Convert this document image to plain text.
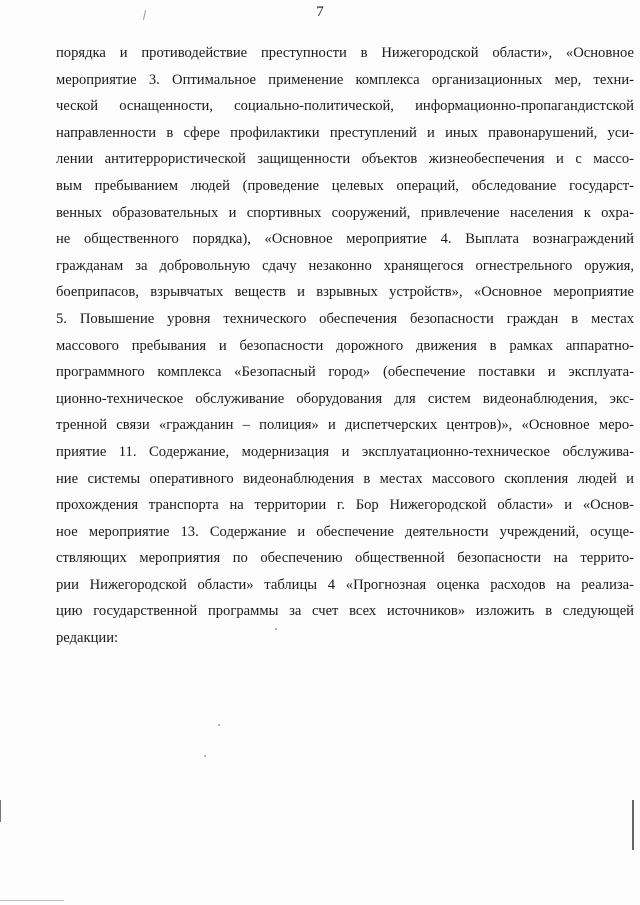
7
порядка и противодействие преступности в Нижегородской области», «Основное
мероприятие 3. Оптимальное применение комплекса организационных мер, техни-
ческой оснащенности, социально-политической, информационно-пропагандистской
направленности в сфере профилактики преступлений и иных правонарушений, уси-
лении антитеррористической защищенности объектов жизнеобеспечения и с массо-
вым пребыванием людей (проведение целевых операций, обследование государст-
венных образовательных и спортивных сооружений, привлечение населения к охра-
не общественного порядка), «Основное мероприятие 4. Выплата вознаграждений
гражданам за добровольную сдачу незаконно хранящегося огнестрельного оружия,
боеприпасов, взрывчатых веществ и взрывных устройств», «Основное мероприятие
5. Повышение уровня технического обеспечения безопасности граждан в местах
массового пребывания и безопасности дорожного движения в рамках аппаратно-
программного комплекса «Безопасный город» (обеспечение поставки и эксплуата-
ционно-техническое обслуживание оборудования для систем видеонаблюдения, экс-
тренной связи «гражданин – полиция» и диспетчерских центров)», «Основное меро-
приятие 11. Содержание, модернизация и эксплуатационно-техническое обслужива-
ние системы оперативного видеонаблюдения в местах массового скопления людей и
прохождения транспорта на территории г. Бор Нижегородской области» и «Основ-
ное мероприятие 13. Содержание и обеспечение деятельности учреждений, осуще-
ствляющих мероприятия по обеспечению общественной безопасности на террито-
рии Нижегородской области» таблицы 4 «Прогнозная оценка расходов на реализа-
цию государственной программы за счет всех источников» изложить в следующей
редакции:
